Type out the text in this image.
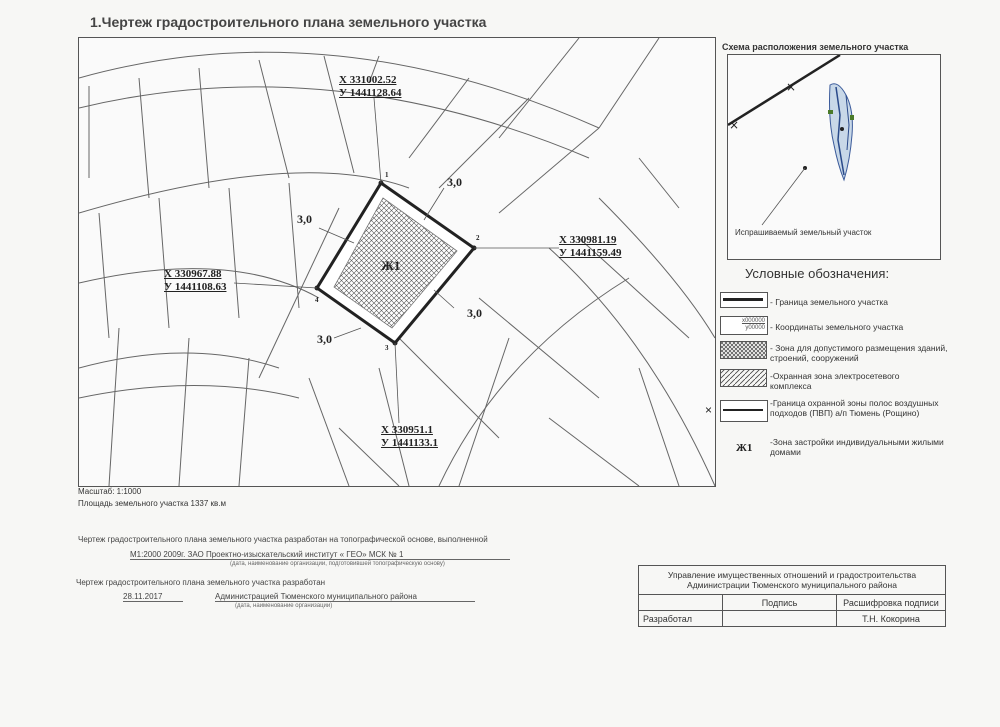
1.Чертеж градостроительного плана земельного участка
1
2
3
4
X 331002.52
У 1441128.64
X 330981.19
У 1441159.49
X 330951.1
У 1441133.1
X 330967.88
У 1441108.63
3,0
3,0
3,0
3,0
Ж1
Масштаб: 1:1000
Площадь земельного участка 1337 кв.м
Схема расположения земельного участка
×
×
Испрашиваемый земельный участок
Условные обозначения:
- Граница земельного участка
х000000
у00000 - Координаты земельного участка
- Зона для допустимого размещения зданий, строений, сооружений
-Охранная зона электросетевого комплекса
×	-Граница охранной зоны полос воздушных подходов (ПВП) а/п Тюмень (Рощино)
Ж1 -Зона застройки индивидуальными жилыми домами
Чертеж градостроительного плана земельного участка разработан на топографической основе, выполненной
М1:2000 2009г. ЗАО Проектно-изыскательский институт « ГЕО» МСК № 1
(дата, наименование организации, подготовившей топографическую основу)
Чертеж градостроительного плана земельного участка разработан
28.11.2017	Администрацией Тюменского муниципального района
(дата, наименование организации)
Управление имущественных отношений и градостроительства Администрации Тюменского муниципального района		
	Подпись	Расшифровка подписи
Разработал		Т.Н. Кокорина
